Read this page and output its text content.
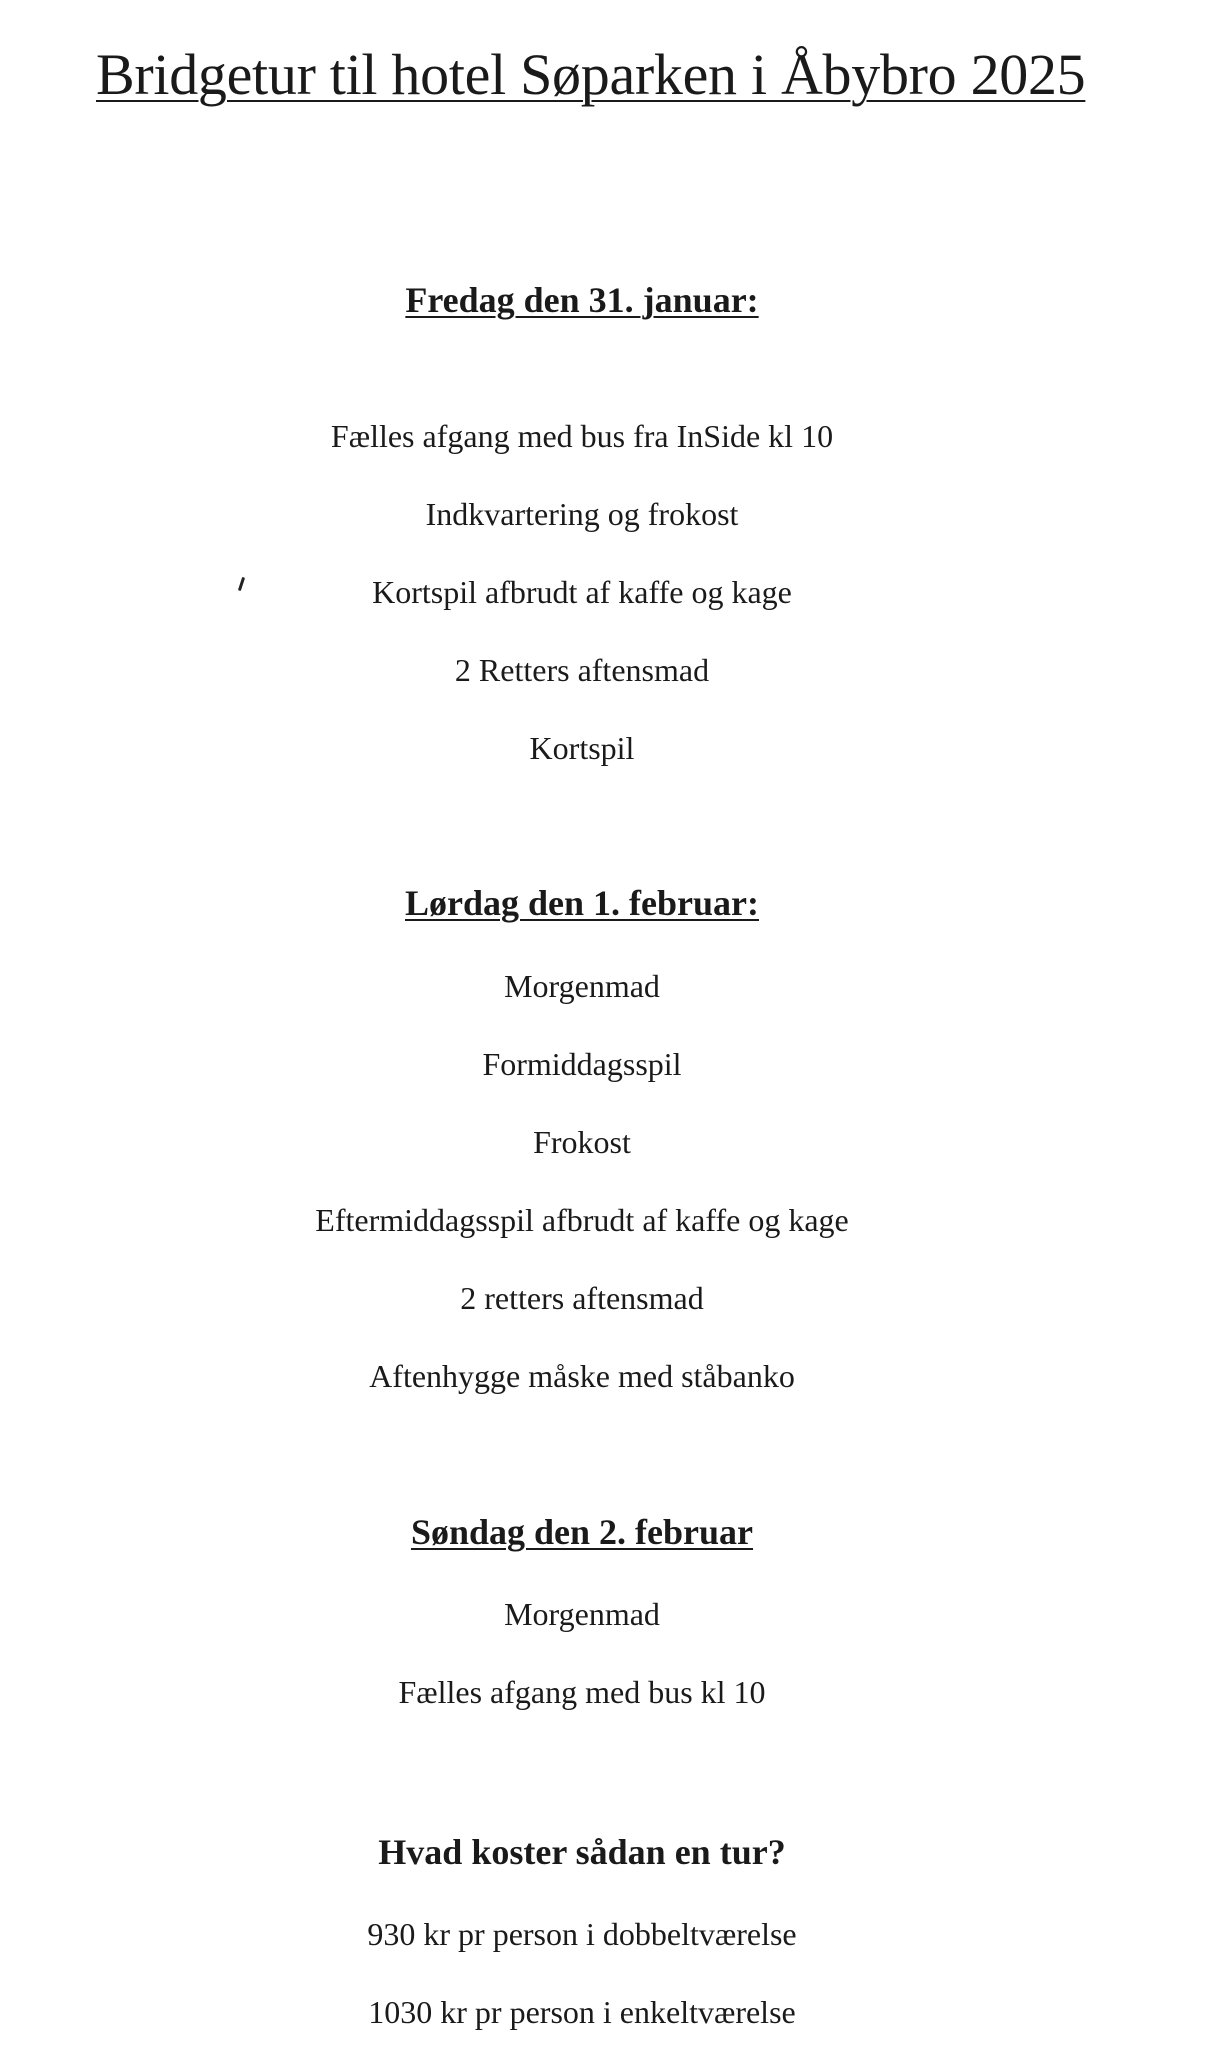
Bridgetur til hotel Søparken i Åbybro 2025
Fredag den 31. januar:
Fælles afgang med bus fra InSide kl 10
Indkvartering og frokost
Kortspil afbrudt af kaffe og kage
2 Retters aftensmad
Kortspil
Lørdag den 1. februar:
Morgenmad
Formiddagsspil
Frokost
Eftermiddagsspil afbrudt af kaffe og kage
2 retters aftensmad
Aftenhygge måske med ståbanko
Søndag den 2. februar
Morgenmad
Fælles afgang med bus kl 10
Hvad koster sådan en tur?
930 kr pr person i dobbeltværelse
1030 kr pr person i enkeltværelse
